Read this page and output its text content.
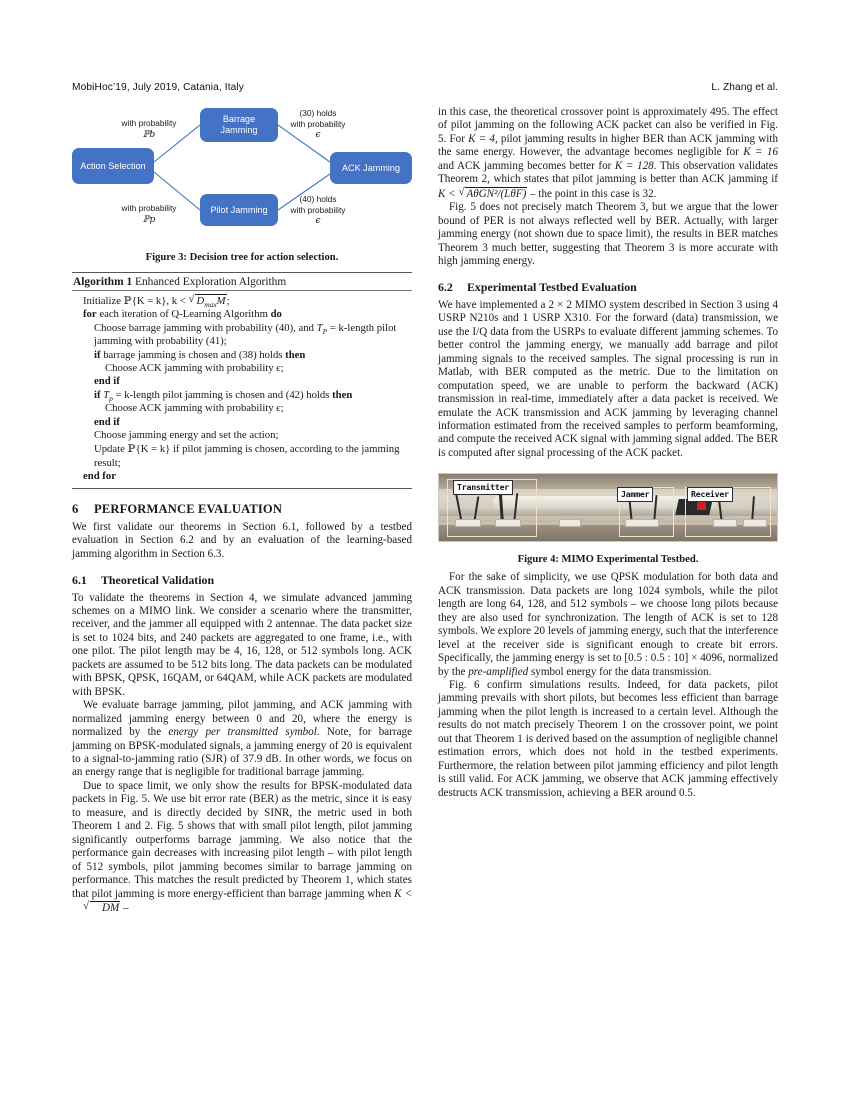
MobiHoc’19, July 2019, Catania, Italy	L. Zhang et al.
Action Selection
Barrage
Jamming
Pilot Jamming
ACK Jamming
with probability
ℙb
with probability
ℙp
(30) holds
with probability
ϵ
(40) holds
with probability
ϵ
Figure 3: Decision tree for action selection.
Algorithm 1 Enhanced Exploration Algorithm
Initialize ℙ{K = k}, k < √ $D_{max}M$;
for each iteration of Q-Learning Algorithm do
Choose barrage jamming with probability (40), and $T_P$ = k-length pilot jamming with probability (41);
if barrage jamming is chosen and (38) holds then
Choose ACK jamming with probability ϵ;
end if
if $T_p$ = k-length pilot jamming is chosen and (42) holds then
Choose ACK jamming with probability ϵ;
end if
Choose jamming energy and set the action;
Update ℙ{K = k} if pilot jamming is chosen, according to the jamming result;
end for
6 PERFORMANCE EVALUATION

We first validate our theorems in Section 6.1, followed by a testbed evaluation in Section 6.2 and by an evaluation of the learning-based jamming algorithm in Section 6.3.

6.1 Theoretical Validation

To validate the theorems in Section 4, we simulate advanced jamming schemes on a MIMO link. We consider a scenario where the transmitter, receiver, and the jammer all equipped with 2 antennae. The data packet size is set to 1024 bits, and 240 packets are aggregated to one frame, i.e., with one pilot. The pilot length may be 4, 16, 128, or 512 symbols long. ACK packets are assumed to be 512 bits long. The data packets can be modulated with BPSK, QPSK, 16QAM, or 64QAM, while ACK packets are modulated with BPSK.

We evaluate barrage jamming, pilot jamming, and ACK jamming with normalized jamming energy between 0 and 20, where the energy is normalized by the energy per transmitted symbol. Note, for barrage jamming on BPSK-modulated signals, a jamming energy of 20 is equivalent to a signal-to-jamming ratio (SJR) of 37.9 dB. In other words, we focus on an energy range that is negligible for traditional barrage jamming.

Due to space limit, we only show the results for BPSK-modulated data packets in Fig. 5. We use bit error rate (BER) as the metric, since it is easy to measure, and is directly decided by SINR, the metric used in both Theorem 1 and 2. Fig. 5 shows that with small pilot length, pilot jamming significantly outperforms barrage jamming. We also notice that the performance gain decreases with increasing pilot length – with pilot length of 512 symbols, pilot jamming becomes similar to barrage jamming on performance. This matches the result predicted by Theorem 1, which states that pilot jamming is more energy-efficient than barrage jamming when K < √ DM –

in this case, the theoretical crossover point is approximately 495. The effect of pilot jamming on the following ACK packet can also be verified in Fig. 5. For K = 4, pilot jamming results in higher BER than ACK jamming with the same energy. However, the advantage becomes negligible for K = 16 and ACK jamming becomes better for K = 128. This observation validates Theorem 2, which states that pilot jamming is better than ACK jamming if K < √ AθGN²/(LθF) – the point in this case is 32.

Fig. 5 does not precisely match Theorem 3, but we argue that the lower bound of PER is not always reflected well by BER. Actually, with larger jamming energy (not shown due to space limit), the results in BER matches Theorem 3 much better, suggesting that Theorem 3 is more accurate with high jamming energy.

6.2 Experimental Testbed Evaluation

We have implemented a 2 × 2 MIMO system described in Section 3 using 4 USRP N210s and 1 USRP X310. For the forward (data) transmission, we use the I/Q data from the USRPs to evaluate different jamming schemes. To better control the jamming energy, we manually add barrage and pilot jamming signals to the received samples. The signal processing is run in Matlab, with BER computed as the metric. Due to the limitation on computation speed, we are unable to perform the backward (ACK) transmission in real-time, immediately after a data packet is received. We emulate the ACK transmission and ACK jamming by leveraging channel information estimated from the received samples to perform beamforming, and compute the received ACK signal with jamming signal added. The BER is computed after signal processing of the ACK packet.

Transmitter
Jammer	Receiver
Figure 4: MIMO Experimental Testbed.

For the sake of simplicity, we use QPSK modulation for both data and ACK transmission. Data packets are long 1024 symbols, while the pilot length are long 64, 128, and 512 symbols – we choose long pilots because they are also used for synchronization. The length of ACK is set to 128 symbols. We explore 20 levels of jamming energy, such that the interference level at the receiver side is significant enough to create bit errors. Specifically, the jamming energy is set to [0.5 : 0.5 : 10] × 4096, normalized by the pre-amplified symbol energy for the data transmission.

Fig. 6 confirm simulations results. Indeed, for data packets, pilot jamming prevails with short pilots, but becomes less efficient than barrage jamming when the pilot length is increased to a certain level. Although the results do not match precisely Theorem 1 on the crossover point, we point out that Theorem 1 is derived based on the assumption of negligible channel estimation errors, which does not hold in the testbed experiments. Furthermore, the relation between pilot jamming efficiency and pilot length is still valid. For ACK jamming, we observe that ACK jamming effectively destructs ACK transmission, achieving a BER around 0.5.
